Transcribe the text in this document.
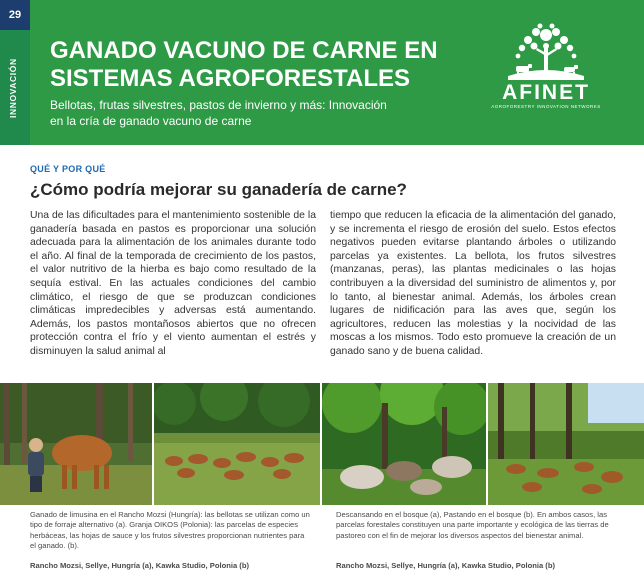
29
INNOVACIÓN
GANADO VACUNO DE CARNE EN SISTEMAS AGROFORESTALES

Bellotas, frutas silvestres, pastos de invierno y más: Innovación en la cría de ganado vacuno de carne

AFINET
AGROFORESTRY INNOVATION NETWORKS
QUÉ Y POR QUÉ
¿Cómo podría mejorar su ganadería de carne?

Una de las dificultades para el mantenimiento sostenible de la ganadería basada en pastos es proporcionar una solución adecuada para la alimentación de los animales durante todo el año. Al final de la temporada de crecimiento de los pastos, el valor nutritivo de la hierba es bajo como resultado de la sequía estival. En las actuales condiciones del cambio climático, el riesgo de que se produzcan condiciones climáticas impredecibles y adversas está aumentando. Además, los pastos montañosos abiertos que no ofrecen protección contra el frío y el viento aumentan el estrés y disminuyen la salud animal al

tiempo que reducen la eficacia de la alimentación del ganado, y se incrementa el riesgo de erosión del suelo. Estos efectos negativos pueden evitarse plantando árboles o utilizando parcelas ya existentes. La bellota, los frutos silvestres (manzanas, peras), las plantas medicinales o las hojas contribuyen a la diversidad del suministro de alimentos y, por lo tanto, al bienestar animal. Además, los árboles crean lugares de nidificación para las aves que, según los agricultores, reducen las molestias y la nocividad de las moscas a los mismos. Todo esto promueve la creación de un ganado sano y de buena calidad.

Ganado de limusina en el Rancho Mozsi (Hungría): las bellotas se utilizan como un tipo de forraje alternativo (a). Granja OIKOS (Polonia): las parcelas de especies herbáceas, las hojas de sauce y los frutos silvestres proporcionan nutrientes para el ganado. (b).

Rancho Mozsi, Sellye, Hungría (a), Kawka Studio, Polonia (b)

Descansando en el bosque (a), Pastando en el bosque (b). En ambos casos, las parcelas forestales constituyen una parte importante y ecológica de las tierras de pastoreo con el fin de mejorar los diversos aspectos del bienestar animal.

Rancho Mozsi, Sellye, Hungría (a), Kawka Studio, Polonia (b)
